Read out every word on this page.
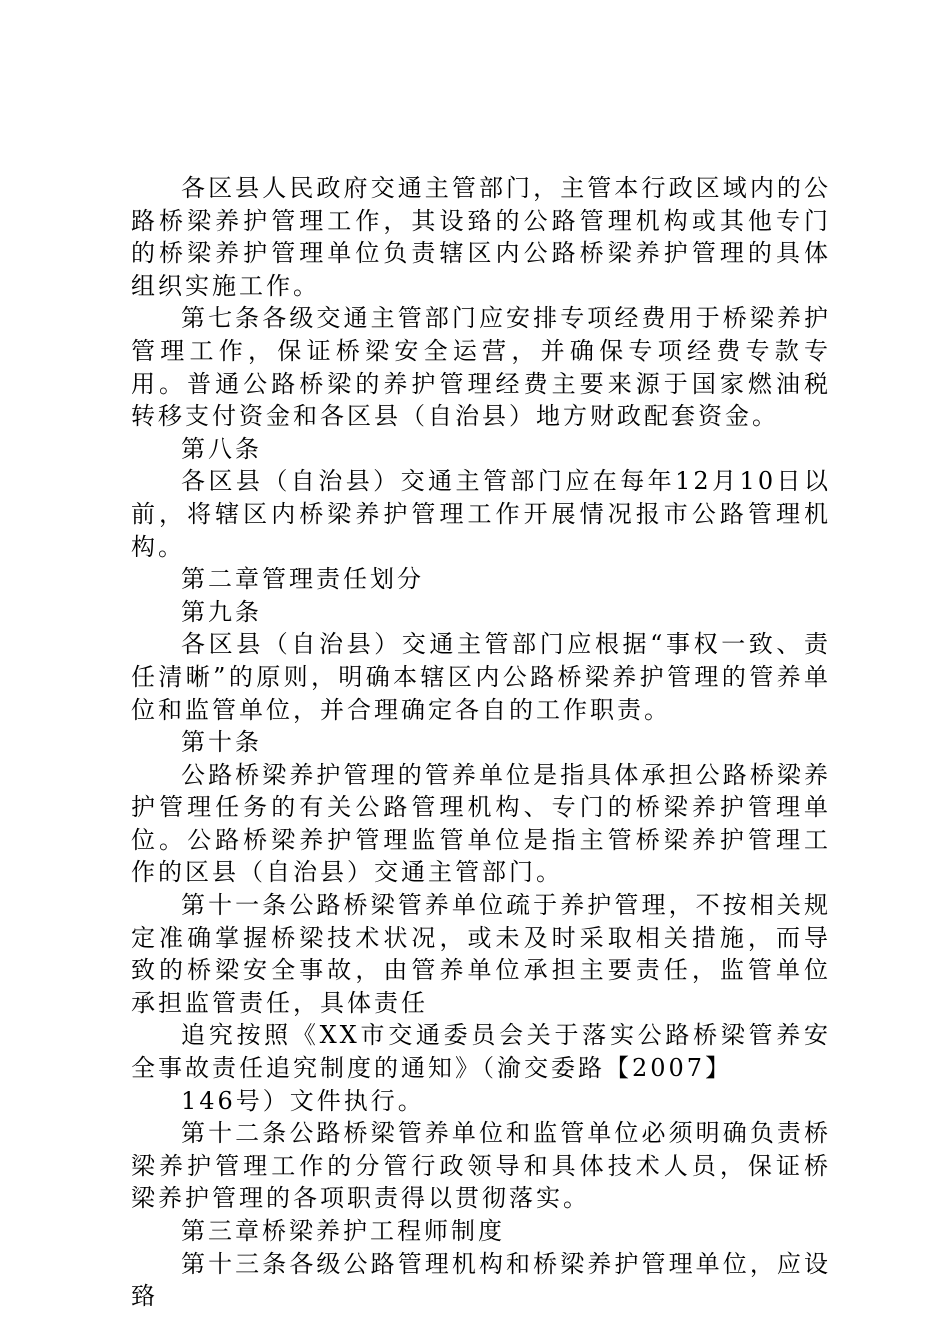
各区县人民政府交通主管部门，主管本行政区域内的公路桥梁养护管理工作，其设臵的公路管理机构或其他专门的桥梁养护管理单位负责辖区内公路桥梁养护管理的具体组织实施工作。

第七条各级交通主管部门应安排专项经费用于桥梁养护管理工作，保证桥梁安全运营，并确保专项经费专款专用。普通公路桥梁的养护管理经费主要来源于国家燃油税转移支付资金和各区县（自治县）地方财政配套资金。

第八条

各区县（自治县）交通主管部门应在每年12月10日以前，将辖区内桥梁养护管理工作开展情况报市公路管理机构。

第二章管理责任划分

第九条

各区县（自治县）交通主管部门应根据“事权一致、责任清晰”的原则，明确本辖区内公路桥梁养护管理的管养单位和监管单位，并合理确定各自的工作职责。

第十条

公路桥梁养护管理的管养单位是指具体承担公路桥梁养护管理任务的有关公路管理机构、专门的桥梁养护管理单位。公路桥梁养护管理监管单位是指主管桥梁养护管理工作的区县（自治县）交通主管部门。

第十一条公路桥梁管养单位疏于养护管理，不按相关规定准确掌握桥梁技术状况，或未及时采取相关措施，而导致的桥梁安全事故，由管养单位承担主要责任，监管单位承担监管责任，具体责任

追究按照《XX市交通委员会关于落实公路桥梁管养安全事故责任追究制度的通知》（渝交委路【2007】

146号）文件执行。

第十二条公路桥梁管养单位和监管单位必须明确负责桥梁养护管理工作的分管行政领导和具体技术人员，保证桥梁养护管理的各项职责得以贯彻落实。

第三章桥梁养护工程师制度

第十三条各级公路管理机构和桥梁养护管理单位，应设臵
